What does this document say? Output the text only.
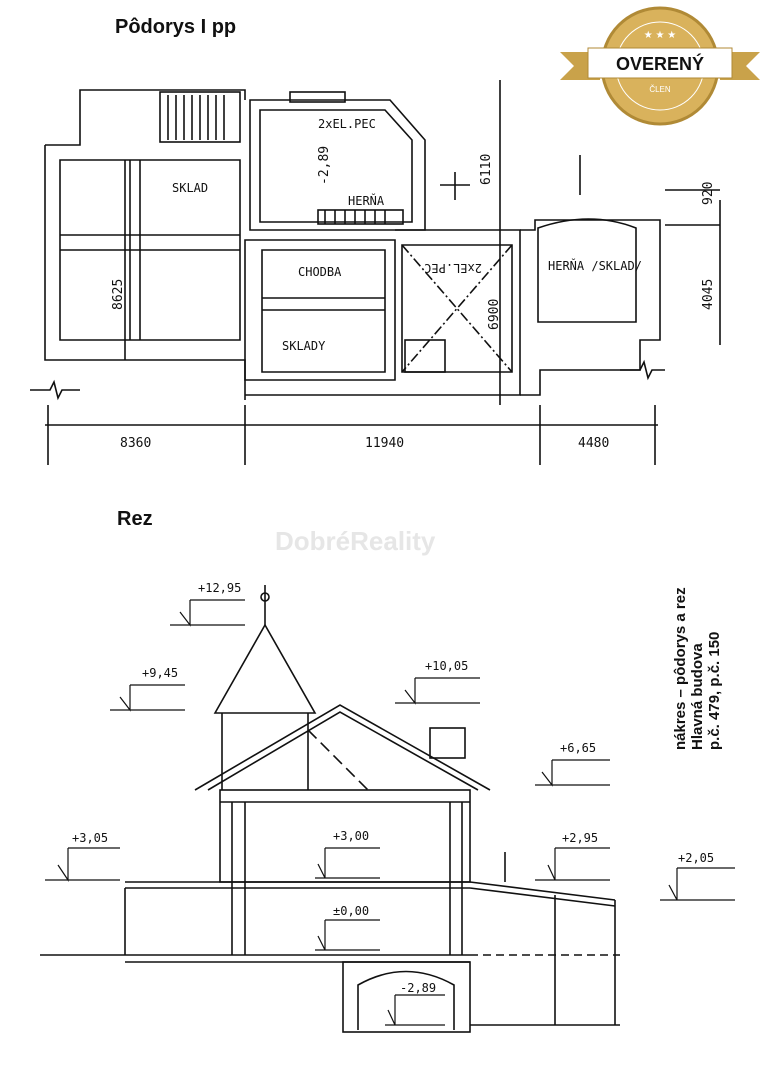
Pôdorys I pp
Rez
DobréReality
SKLAD
2xEL.PEC
HERŇA
CHODBA
SKLADY
2xEL.PEC	HERŇA /SKLAD/
8360	11940	4480
8625
6110
6900
920
4045
-2,89
+12,95
+9,45	+10,05
+6,65
+3,05	+3,00	+2,95
+2,05
±0,00
-2,89
OVERENÝ
ČLEN
★ ★ ★
nákres – pôdorys a rez Hlavná budova p.č. 479, p.č. 150
